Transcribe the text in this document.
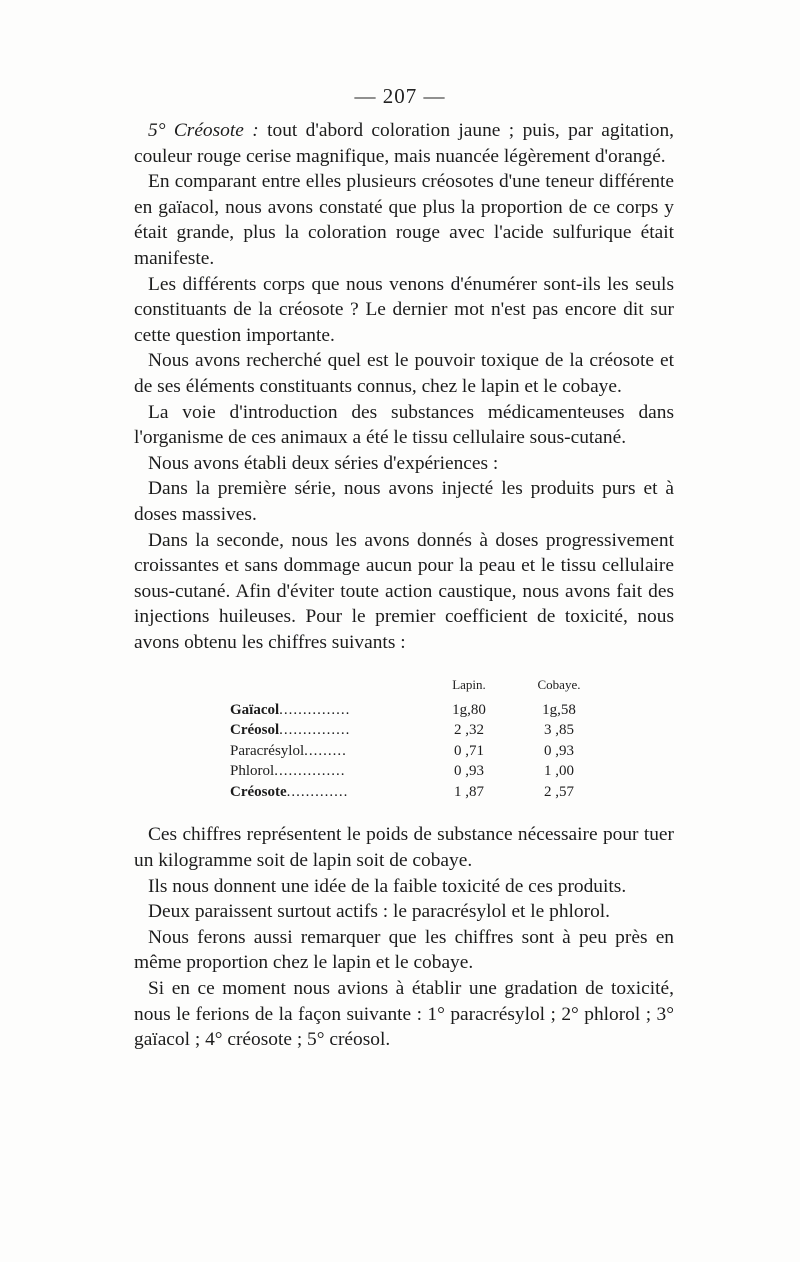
— 207 —

5° Créosote : tout d'abord coloration jaune ; puis, par agitation, couleur rouge cerise magnifique, mais nuancée légèrement d'orangé.

En comparant entre elles plusieurs créosotes d'une teneur différente en gaïacol, nous avons constaté que plus la proportion de ce corps y était grande, plus la coloration rouge avec l'acide sulfurique était manifeste.

Les différents corps que nous venons d'énumérer sont-ils les seuls constituants de la créosote ? Le dernier mot n'est pas encore dit sur cette question importante.

Nous avons recherché quel est le pouvoir toxique de la créosote et de ses éléments constituants connus, chez le lapin et le cobaye.

La voie d'introduction des substances médicamenteuses dans l'organisme de ces animaux a été le tissu cellulaire sous-cutané.

Nous avons établi deux séries d'expériences :

Dans la première série, nous avons injecté les produits purs et à doses massives.

Dans la seconde, nous les avons donnés à doses progressivement croissantes et sans dommage aucun pour la peau et le tissu cellulaire sous-cutané. Afin d'éviter toute action caustique, nous avons fait des injections huileuses. Pour le premier coefficient de toxicité, nous avons obtenu les chiffres suivants :

Lapin.	Cobaye.
Gaïacol...............	1g,80	1g,58
Créosol...............	2 ,32	3 ,85
Paracrésylol.........	0 ,71	0 ,93
Phlorol...............	0 ,93	1 ,00
Créosote.............	1 ,87	2 ,57

Ces chiffres représentent le poids de substance nécessaire pour tuer un kilogramme soit de lapin soit de cobaye.

Ils nous donnent une idée de la faible toxicité de ces produits.

Deux paraissent surtout actifs : le paracrésylol et le phlorol.

Nous ferons aussi remarquer que les chiffres sont à peu près en même proportion chez le lapin et le cobaye.

Si en ce moment nous avions à établir une gradation de toxicité, nous le ferions de la façon suivante : 1° paracrésylol ; 2° phlorol ; 3° gaïacol ; 4° créosote ; 5° créosol.
